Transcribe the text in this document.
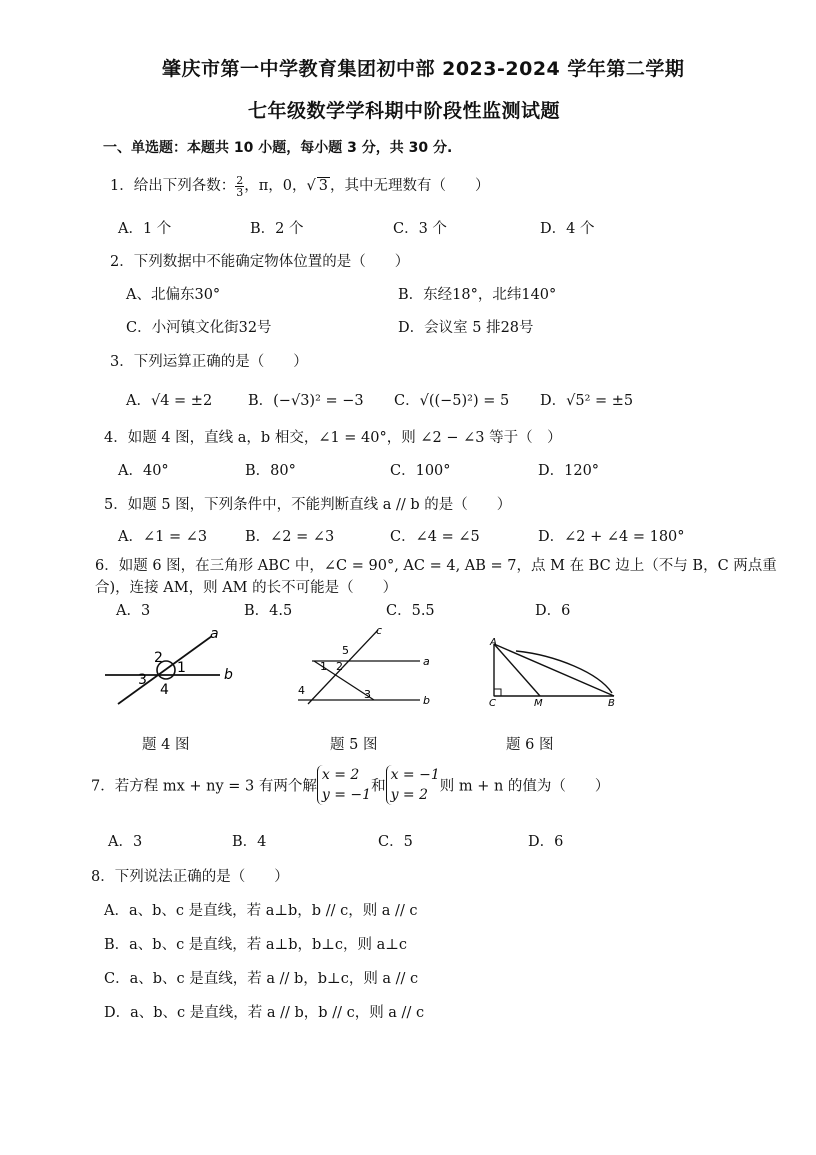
肇庆市第一中学教育集团初中部 2023-2024 学年第二学期
七年级数学学科期中阶段性监测试题
一、单选题：本题共 10 小题，每小题 3 分，共 30 分.
1．给出下列各数： $\frac{2}{3}$ ，π，0，√ 3 ，其中无理数有（　　）
A．1 个	B．2 个	C．3 个	D．4 个
2．下列数据中不能确定物体位置的是（　　）
A、北偏东30°	B．东经18°，北纬140°
C．小河镇文化街32号	D．会议室 5 排28号
3．下列运算正确的是（　　）
A．√4 = ±2 B．(−√3)² = −3 C．√((−5)²) = 5 D．√5² = ±5
4．如题 4 图，直线 a，b 相交，∠1 = 40°，则 ∠2 − ∠3 等于（　）
A．40°	B．80°	C．100°	D．120°
5．如题 5 图，下列条件中，不能判断直线 a // b 的是（　　）
A．∠1 = ∠3	B．∠2 = ∠3	C．∠4 = ∠5	D．∠2 + ∠4 = 180°
6．如题 6 图，在三角形 ABC 中，∠C = 90°, AC = 4, AB = 7，点 M 在 BC 边上（不与 B，C 两点重
合)，连接 AM，则 AM 的长不可能是（　　）
A．3	B．4.5	C．5.5	D．6
a
b
1
2
3
4
c
a
b
5
1 2
4	3
A
C	M	B
题 4 图	题 5 图	题 6 图
7．若方程 mx + ny = 3 有两个解x = 2
y = −1和x = −1
y = 2则 m + n 的值为（　　）
A．3	B．4	C．5	D．6
8．下列说法正确的是（　　）
A．a、b、c 是直线，若 a⊥b，b // c，则 a // c
B．a、b、c 是直线，若 a⊥b，b⊥c，则 a⊥c
C．a、b、c 是直线，若 a // b，b⊥c，则 a // c
D．a、b、c 是直线，若 a // b，b // c，则 a // c
